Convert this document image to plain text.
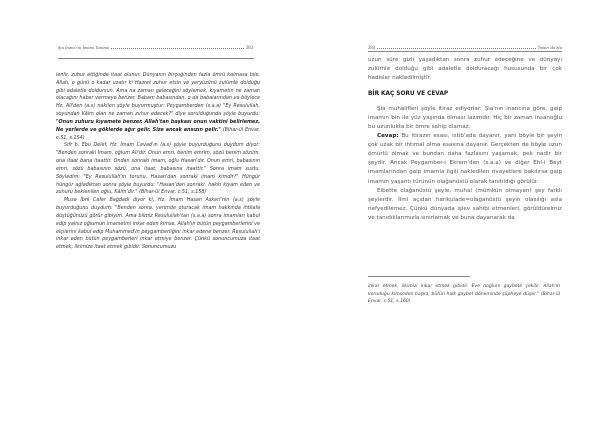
Şia İnancı'nı İmamı Tanıma	283

lenlir, zuhur ettiğinde itaat olunur. Dünyanın birçoğinden fazla ömrü kalmasa bile, Allah, o günü o kadar uzatır ki Hazret zuhur etsin ve yeryüzünü zulümle dolduğu gibi adaletle doldursun. Ama na zaman geleceğini söylemek, kıyametin ne zaman olacağını haber vermeye benzer. Babam babasından, o da babalarından ve böylece Hz. Ali'den (a.s) nakilen şöyle buyurmuştur: Peygamberden (s.a.a) "Ey Resulullah, soyundan Kâim olan ne zaman zuhur edecek?" diye sorulduğunda şöyle buyurdu: "Onun zuhuru kıyamete benzer. Allah'tan başkası onun vaktini belirlemez. Ne yerlerde ve göklerde ağır gelir. Size ancak ansızın gelir." (Bihar-ül Envar, c.51, s.154)

Sıfr b. Ebu Delef, Hz. İmam Cevad'ın (a.s) şöyle buyurduğunu duydum diyor: "Benden sonraki İmam, oğlum Ali'dir. Onun emri, benim emrim, sözü benim sözüm, ona itaat bana itaattir. Ondan sonraki imam, oğlu Hasan'dır. Onun emri, babasının emri, sözü babasının sözü, ona itaat, babasına itaattir." Sonra imam sustu. Söyledim: "Ey Resulullah'ın torunu, Hasan'dan sonraki imam kimdir?" Hüngür hüngür ağladıktan sonra şöyle buyurdu: "Hasan'dan sonraki, hakkı kıyam eden ve zuhuru beklenilen oğlu, Kâim'dir." (Bihar-ül Envar, c.51, s.158)

Musa İbni Cafer Bağdadi diyor ki, Hz. İmam Hasan Askeri'nin (a.s) şöyle buyurduğunu duydum: "Benden sonra, yerimde oturacak imam hakkında ihtilafa düştüğünüzü görür gibiyim. Ama bilmiz Resulullah'tan (s.a.a) sonra imamları kabul edip yalnız oğlumun imametini inkar eden kimse, Allah'ın bütün peygamberlerini ve elçilerini kabul edip Muhammed'in peygamberliğini inkar edene benzer. Resulullah'ı inkar eden bütün peygamberleri inkar etmiye benzer. Çünkü sonuncumuza itaat etmek, ilkimize itaat etmek gibidir. Sonuncumuzu

284	İnkarı'da Şia

uzun süre gizli yaşadıktan sonra zuhur edeceğine ve dünyayı zulümle dolduğu gibi adaletle dolduracağı hususunda bir çok hadisler nakledilmiştir.

BİR KAÇ SORU VE CEVAP

Şia muhalifleri şöyle itiraz ediyorlar: Şia'nın inancına göre, gaip imamın bin ile yüz yaşında olması lazımdır. Hiç bir zaman insanoğlu bu uzunlukta bir ömre sahip olamaz.

Cevap: Bu itirazın esası, istib'ada dayanır, yani böyle bir şeyin çok uzak bir ihtimal olma esasına dayanır. Gerçekten de böyle uzun ömürlü olmak ve bundan daha fazlasını yaşamak, pek nadir bir şeydir. Ancak Peygamber-i Ekrem'den (s.a.a) ve diğer Ehl-i Beyt imamlarından gaip imamla ilgili nakledilen rivayetlere bakılırsa gaip imamın yaşantı türünün olağanüstü olarak tanıtıldığı görülür.

Elbette olağanüstü şeyle, muhal (mümkün olmayan) şey farklı şeylerdir. İlmi açıdan harikulade=olağanüstü şeyin olasılığı asla nefyedilemez. Çünkü dünyada işlev sahibi etmenleri, görüldürelmiz ve tanıdıklarımızla sınırlamak ve buna dayanarak da

inkar etmek, ilkimizi inkar etmek gibidir. Eve noğlum gaybete çekilir. Allah'ın koruduğu kimseden başka, bütün halk gaybet döneminde şüpheye düşer." (Bihar-ül Envar, c.51, s.160)
